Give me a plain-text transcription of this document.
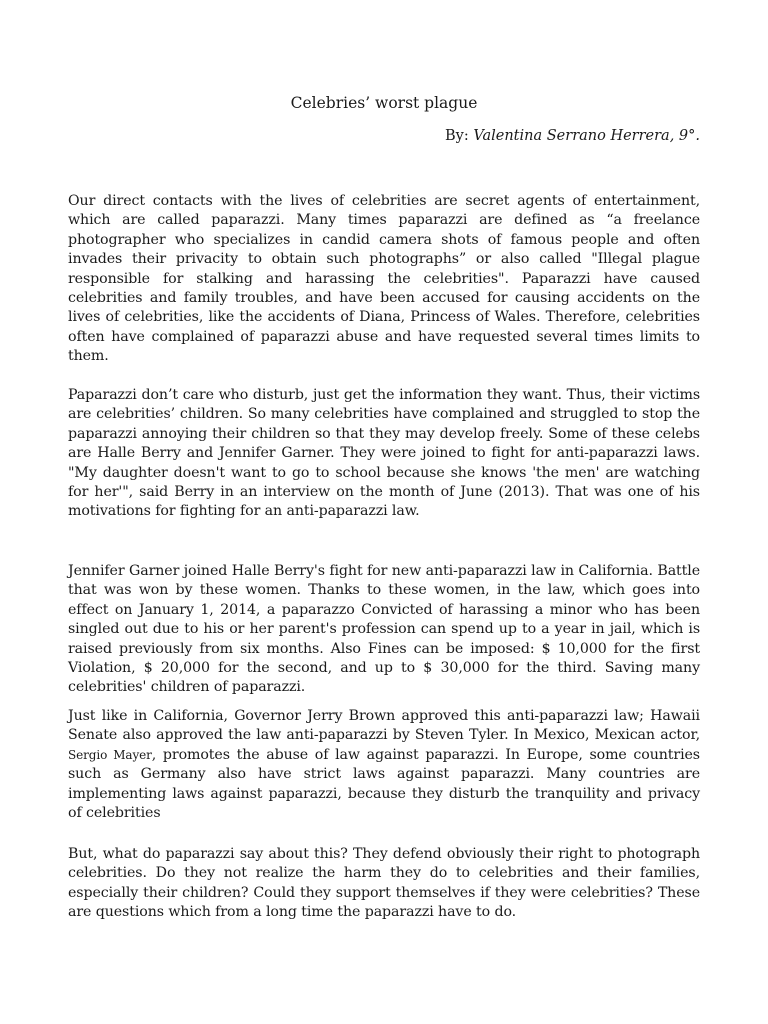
Celebries’ worst plague
By: Valentina Serrano Herrera, 9°.

Our direct contacts with the lives of celebrities are secret agents of entertainment, which are called paparazzi. Many times paparazzi are defined as “a freelance photographer who specializes in candid camera shots of famous people and often invades their privacity to obtain such photographs” or also called "Illegal plague responsible for stalking and harassing the celebrities". Paparazzi have caused celebrities and family troubles, and have been accused for causing accidents on the lives of celebrities, like the accidents of Diana, Princess of Wales. Therefore, celebrities often have complained of paparazzi abuse and have requested several times limits to them.

Paparazzi don’t care who disturb, just get the information they want. Thus, their victims are celebrities’ children. So many celebrities have complained and struggled to stop the paparazzi annoying their children so that they may develop freely. Some of these celebs are Halle Berry and Jennifer Garner. They were joined to fight for anti-paparazzi laws. "My daughter doesn't want to go to school because she knows 'the men' are watching for her'", said Berry in an interview on the month of June (2013). That was one of his motivations for fighting for an anti-paparazzi law.

Jennifer Garner joined Halle Berry's fight for new anti-paparazzi law in California. Battle that was won by these women. Thanks to these women, in the law, which goes into effect on January 1, 2014, a paparazzo Convicted of harassing a minor who has been singled out due to his or her parent's profession can spend up to a year in jail, which is raised previously from six months. Also Fines can be imposed: $ 10,000 for the first Violation, $ 20,000 for the second, and up to $ 30,000 for the third. Saving many celebrities' children of paparazzi.

Just like in California, Governor Jerry Brown approved this anti-paparazzi law; Hawaii Senate also approved the law anti-paparazzi by Steven Tyler. In Mexico, Mexican actor, Sergio Mayer, promotes the abuse of law against paparazzi. In Europe, some countries such as Germany also have strict laws against paparazzi. Many countries are implementing laws against paparazzi, because they disturb the tranquility and privacy of celebrities

But, what do paparazzi say about this? They defend obviously their right to photograph celebrities. Do they not realize the harm they do to celebrities and their families, especially their children? Could they support themselves if they were celebrities? These are questions which from a long time the paparazzi have to do.
